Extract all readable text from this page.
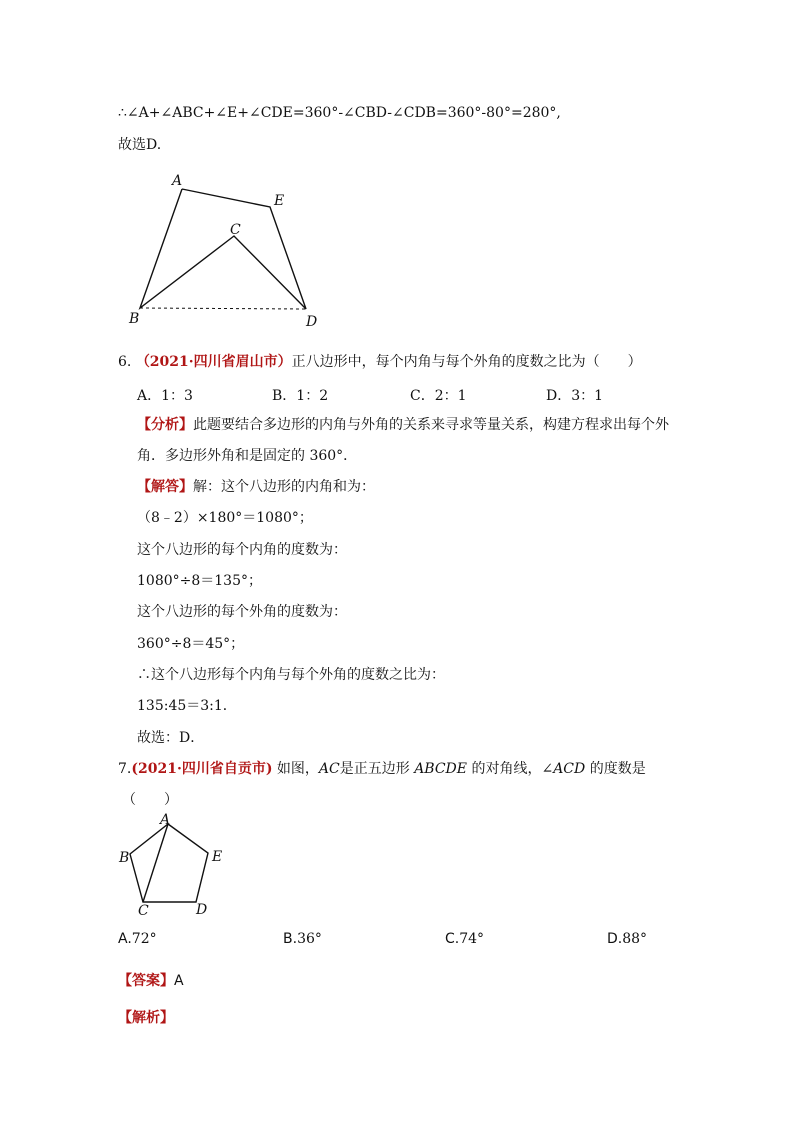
∴∠A+∠ABC+∠E+∠CDE=360°-∠CBD-∠CDB=360°-80°=280°,
故选D.
A
E
C
B	D
6. （2021·四川省眉山市）正八边形中，每个内角与每个外角的度数之比为（　　）
A．1：3	B．1：2	C．2：1	D．3：1
【分析】此题要结合多边形的内角与外角的关系来寻求等量关系，构建方程求出每个外
角．多边形外角和是固定的 360°．
【解答】解：这个八边形的内角和为：
（8﹣2）×180°＝1080°；
这个八边形的每个内角的度数为：
1080°÷8＝135°；
这个八边形的每个外角的度数为：
360°÷8＝45°；
∴这个八边形每个内角与每个外角的度数之比为：
135:45＝3:1．
故选：D．
7.(2021·四川省自贡市) 如图，AC是正五边形 ABCDE 的对角线，∠ACD 的度数是
（　　）
A
B	E
C	D
A.72°	B.36°	C.74°	D.88°
【答案】A
【解析】
